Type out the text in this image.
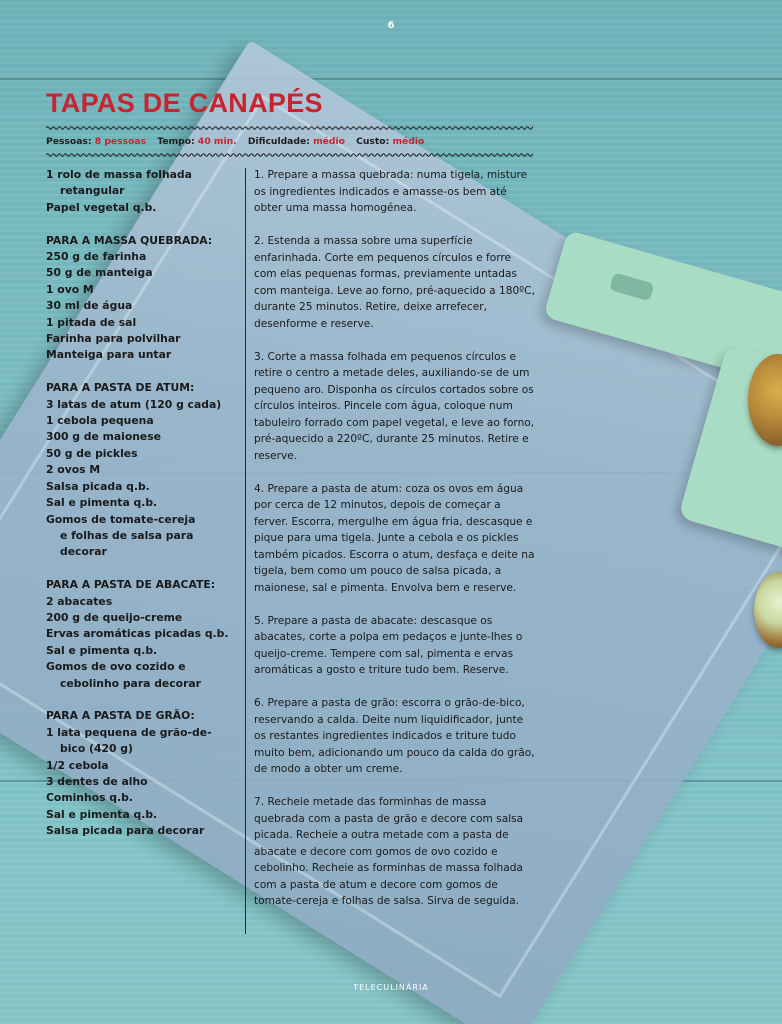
6
TAPAS DE CANAPÉS
Pessoas: 8 pessoas Tempo: 40 min. Dificuldade: médio Custo: médio
1 rolo de massa folhada
retangular
Papel vegetal q.b.
PARA A MASSA QUEBRADA:
250 g de farinha
50 g de manteiga
1 ovo M
30 ml de água
1 pitada de sal
Farinha para polvilhar
Manteiga para untar
PARA A PASTA DE ATUM:
3 latas de atum (120 g cada)
1 cebola pequena
300 g de maionese
50 g de pickles
2 ovos M
Salsa picada q.b.
Sal e pimenta q.b.
Gomos de tomate-cereja
e folhas de salsa para
decorar
PARA A PASTA DE ABACATE:
2 abacates
200 g de queijo-creme
Ervas aromáticas picadas q.b.
Sal e pimenta q.b.
Gomos de ovo cozido e
cebolinho para decorar
PARA A PASTA DE GRÃO:
1 lata pequena de grão-de-
bico (420 g)
1/2 cebola
3 dentes de alho
Cominhos q.b.
Sal e pimenta q.b.
Salsa picada para decorar

1. Prepare a massa quebrada: numa tigela, misture os ingredientes indicados e amasse-os bem até obter uma massa homogénea.

2. Estenda a massa sobre uma superfície enfarinhada. Corte em pequenos círculos e forre com elas pequenas formas, previamente untadas com manteiga. Leve ao forno, pré-aquecido a 180ºC, durante 25 minutos. Retire, deixe arrefecer, desenforme e reserve.

3. Corte a massa folhada em pequenos círculos e retire o centro a metade deles, auxiliando-se de um pequeno aro. Disponha os círculos cortados sobre os círculos inteiros. Pincele com água, coloque num tabuleiro forrado com papel vegetal, e leve ao forno, pré-aquecido a 220ºC, durante 25 minutos. Retire e reserve.

4. Prepare a pasta de atum: coza os ovos em água por cerca de 12 minutos, depois de começar a ferver. Escorra, mergulhe em água fria, descasque e pique para uma tigela. Junte a cebola e os pickles também picados. Escorra o atum, desfaça e deite na tigela, bem como um pouco de salsa picada, a maionese, sal e pimenta. Envolva bem e reserve.

5. Prepare a pasta de abacate: descasque os abacates, corte a polpa em pedaços e junte-lhes o queijo-creme. Tempere com sal, pimenta e ervas aromáticas a gosto e triture tudo bem. Reserve.

6. Prepare a pasta de grão: escorra o grão-de-bico, reservando a calda. Deite num liquidificador, junte os restantes ingredientes indicados e triture tudo muito bem, adicionando um pouco da calda do grão, de modo a obter um creme.

7. Recheie metade das forminhas de massa quebrada com a pasta de grão e decore com salsa picada. Recheie a outra metade com a pasta de abacate e decore com gomos de ovo cozido e cebolinho. Recheie as forminhas de massa folhada com a pasta de atum e decore com gomos de tomate-cereja e folhas de salsa. Sirva de seguida.

TELECULINÁRIA
